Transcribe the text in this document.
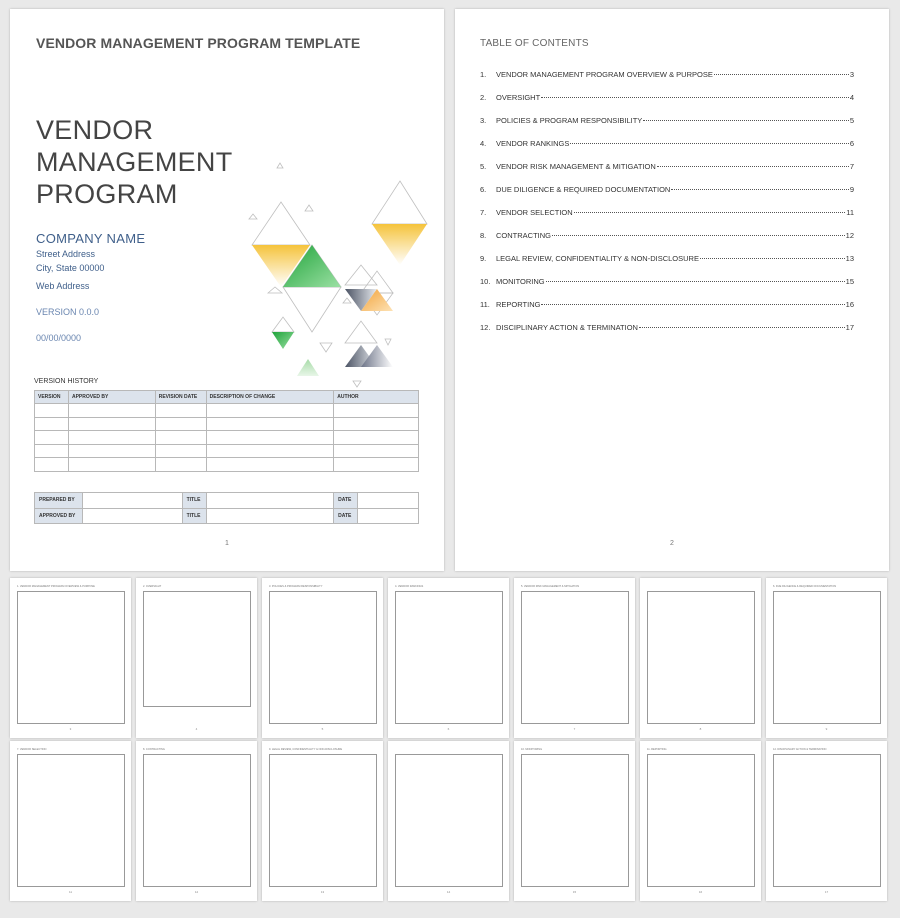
VENDOR MANAGEMENT PROGRAM TEMPLATE
VENDOR MANAGEMENT
PROGRAM
COMPANY NAME
Street Address
City, State 00000
Web Address
VERSION 0.0.0
00/00/0000
VERSION HISTORY
VERSION	APPROVED BY	REVISION DATE	DESCRIPTION OF CHANGE	AUTHOR

PREPARED BY		TITLE		DATE	
APPROVED BY		TITLE		DATE	
1
TABLE OF CONTENTS
1.	VENDOR MANAGEMENT PROGRAM OVERVIEW & PURPOSE	3
2.	OVERSIGHT	4
3.	POLICIES & PROGRAM RESPONSIBILITY	5
4.	VENDOR RANKINGS	6
5.	VENDOR RISK MANAGEMENT & MITIGATION	7
6.	DUE DILIGENCE & REQUIRED DOCUMENTATION	9
7.	VENDOR SELECTION	11
8.	CONTRACTING	12
9.	LEGAL REVIEW, CONFIDENTIALITY & NON-DISCLOSURE	13
10. MONITORING	15
11. REPORTING	16
12. DISCIPLINARY ACTION & TERMINATION	17
2
1. VENDOR MANAGEMENT PROGRAM OVERVIEW & PURPOSE
3
2. OVERSIGHT
4
3. POLICIES & PROGRAM RESPONSIBILITY
5
4. VENDOR RANKINGS
6
5. VENDOR RISK MANAGEMENT & MITIGATION
7	8
6. DUE DILIGENCE & REQUIRED DOCUMENTATION
9
7. VENDOR SELECTION
11
8. CONTRACTING
12
9. LEGAL REVIEW, CONFIDENTIALITY & NON-DISCLOSURE
13	14
10. MONITORING
15
11. REPORTING
16
12. DISCIPLINARY ACTION & TERMINATION
17
